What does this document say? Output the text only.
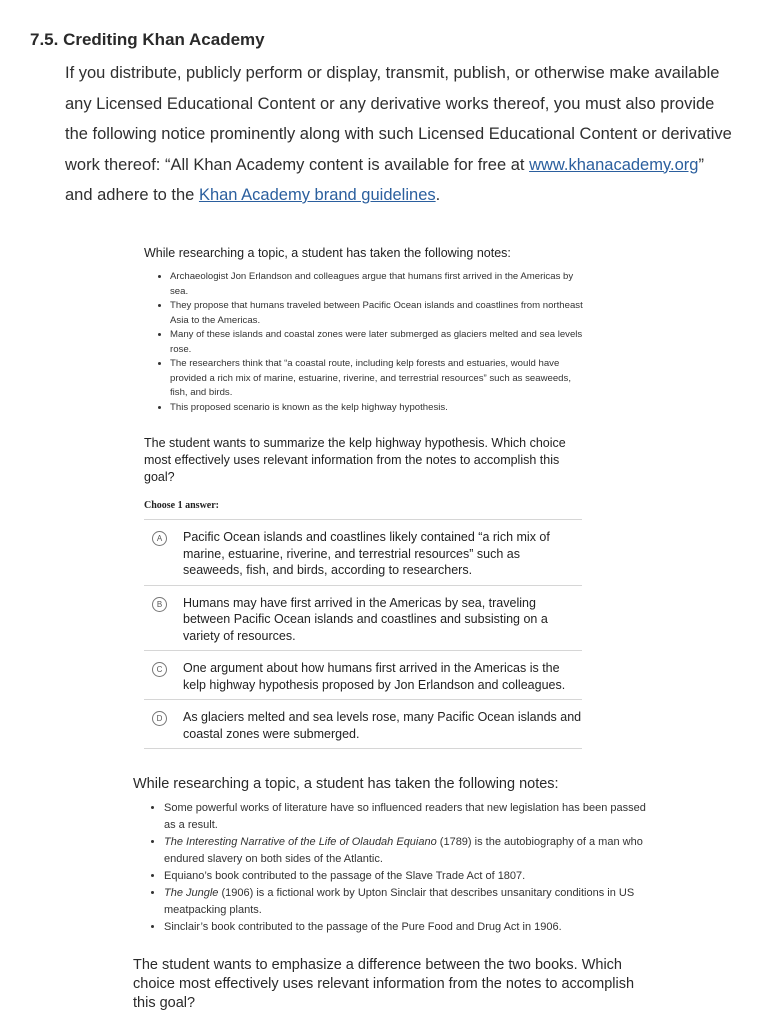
7.5. Crediting Khan Academy
If you distribute, publicly perform or display, transmit, publish, or otherwise make available any Licensed Educational Content or any derivative works thereof, you must also provide the following notice prominently along with such Licensed Educational Content or derivative work thereof: “All Khan Academy content is available for free at www.khanacademy.org” and adhere to the Khan Academy brand guidelines.

While researching a topic, a student has taken the following notes:

• Archaeologist Jon Erlandson and colleagues argue that humans first arrived in the Americas by sea.
• They propose that humans traveled between Pacific Ocean islands and coastlines from northeast Asia to the Americas.
• Many of these islands and coastal zones were later submerged as glaciers melted and sea levels rose.
• The researchers think that “a coastal route, including kelp forests and estuaries, would have provided a rich mix of marine, estuarine, riverine, and terrestrial resources” such as seaweeds, fish, and birds.
• This proposed scenario is known as the kelp highway hypothesis.

The student wants to summarize the kelp highway hypothesis. Which choice most effectively uses relevant information from the notes to accomplish this goal?

Choose 1 answer:

A	Pacific Ocean islands and coastlines likely contained “a rich mix of marine, estuarine, riverine, and terrestrial resources” such as seaweeds, fish, and birds, according to researchers.
B	Humans may have first arrived in the Americas by sea, traveling between Pacific Ocean islands and coastlines and subsisting on a variety of resources.
C	One argument about how humans first arrived in the Americas is the kelp highway hypothesis proposed by Jon Erlandson and colleagues.
D	As glaciers melted and sea levels rose, many Pacific Ocean islands and coastal zones were submerged.

While researching a topic, a student has taken the following notes:

• Some powerful works of literature have so influenced readers that new legislation has been passed as a result.
• The Interesting Narrative of the Life of Olaudah Equiano (1789) is the autobiography of a man who endured slavery on both sides of the Atlantic.
• Equiano’s book contributed to the passage of the Slave Trade Act of 1807.
• The Jungle (1906) is a fictional work by Upton Sinclair that describes unsanitary conditions in US meatpacking plants.
• Sinclair’s book contributed to the passage of the Pure Food and Drug Act in 1906.

The student wants to emphasize a difference between the two books. Which choice most effectively uses relevant information from the notes to accomplish this goal?
